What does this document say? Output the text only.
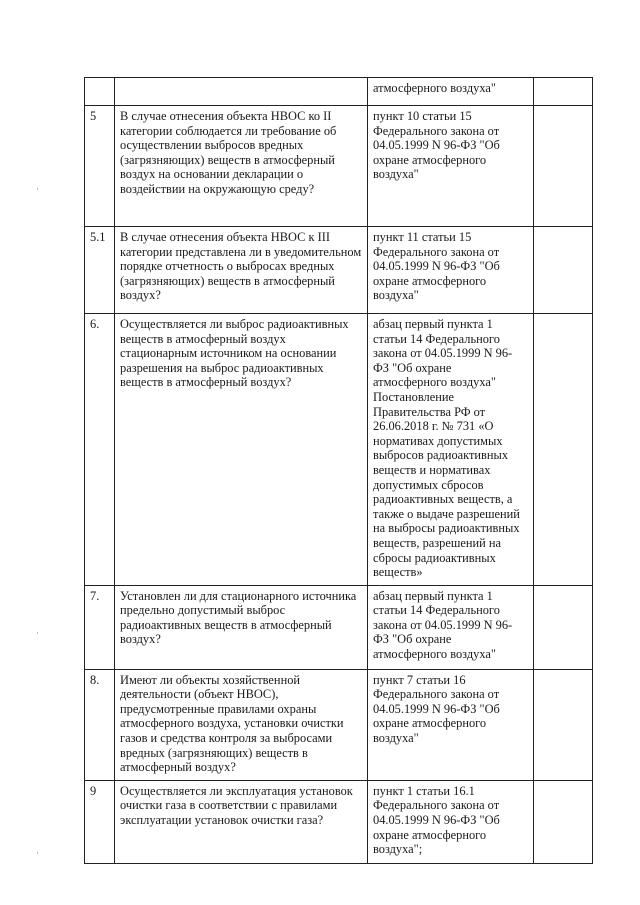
		атмосферного воздуха"	
5	В случае отнесения объекта НВОС ко II категории соблюдается ли требование об осуществлении выбросов вредных (загрязняющих) веществ в атмосферный воздух на основании декларации о воздействии на окружающую среду?	пункт 10 статьи 15 Федерального закона от 04.05.1999 N 96-ФЗ "Об охране атмосферного воздуха"	
5.1	В случае отнесения объекта НВОС к III категории представлена ли в уведомительном порядке отчетность о выбросах вредных (загрязняющих) веществ в атмосферный воздух?	пункт 11 статьи 15 Федерального закона от 04.05.1999 N 96-ФЗ "Об охране атмосферного воздуха"	
6.	Осуществляется ли выброс радиоактивных веществ в атмосферный воздух стационарным источником на основании разрешения на выброс радиоактивных веществ в атмосферный воздух?	абзац первый пункта 1 статьи 14 Федерального закона от 04.05.1999 N 96-ФЗ "Об охране атмосферного воздуха"
Постановление Правительства РФ от 26.06.2018 г. № 731 «О нормативах допустимых выбросов радиоактивных веществ и нормативах допустимых сбросов радиоактивных веществ, а также о выдаче разрешений на выбросы радиоактивных веществ, разрешений на сбросы радиоактивных веществ»	
7.	Установлен ли для стационарного источника предельно допустимый выброс радиоактивных веществ в атмосферный воздух?	абзац первый пункта 1 статьи 14 Федерального закона от 04.05.1999 N 96-ФЗ "Об охране атмосферного воздуха"	
8.	Имеют ли объекты хозяйственной деятельности (объект НВОС), предусмотренные правилами охраны атмосферного воздуха, установки очистки газов и средства контроля за выбросами вредных (загрязняющих) веществ в атмосферный воздух?	пункт 7 статьи 16 Федерального закона от 04.05.1999 N 96-ФЗ "Об охране атмосферного воздуха"	
9	Осуществляется ли эксплуатация установок очистки газа в соответствии с правилами эксплуатации установок очистки газа?	пункт 1 статьи 16.1 Федерального закона от 04.05.1999 N 96-ФЗ "Об охране атмосферного воздуха";	
·
·
·
